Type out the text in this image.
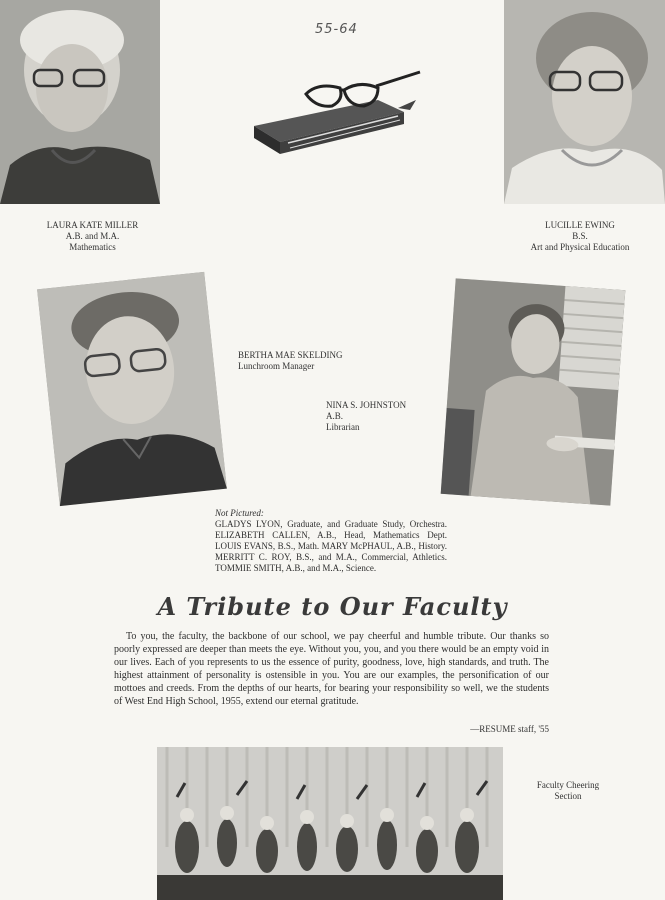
55-64
LAURA KATE MILLER
A.B. and M.A.
Mathematics
LUCILLE EWING
B.S.
Art and Physical Education
BERTHA MAE SKELDING
Lunchroom Manager
NINA S. JOHNSTON
A.B.
Librarian
Not Pictured:
GLADYS LYON, Graduate, and Graduate Study, Orchestra. ELIZABETH CALLEN, A.B., Head, Mathematics Dept. LOUIS EVANS, B.S., Math. MARY McPHAUL, A.B., History. MERRITT C. ROY, B.S., and M.A., Commercial, Athletics. TOMMIE SMITH, A.B., and M.A., Science.
A Tribute to Our Faculty
To you, the faculty, the backbone of our school, we pay cheerful and humble tribute. Our thanks so poorly expressed are deeper than meets the eye. Without you, you, and you there would be an empty void in our lives. Each of you represents to us the essence of purity, goodness, love, high standards, and truth. The highest attainment of personality is ostensible in you. You are our examples, the personification of our mottoes and creeds. From the depths of our hearts, for bearing your responsibility so well, we the students of West End High School, 1955, extend our eternal gratitude.
—RESUME staff, '55
Faculty Cheering
Section
